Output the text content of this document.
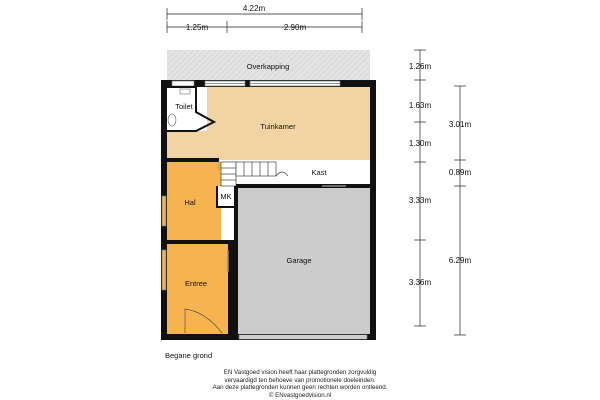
4.22m
1.25m	2.90m
1.26m
1.63m
1.30m
3.33m
3.36m
3.01m
0.89m
6.29m
Overkapping
Toilet
Tuinkamer
Kast
MK
Hal
Garage
Entree
Begane grond
EN Vastgoed vision heeft haar plattegronden zorgvuldig
vervaardigd ten behoeve van promotionele doeleinden.
Aan deze plattegronden kunnen geen rechten worden ontleend.
© ENvastgoedvision.nl
